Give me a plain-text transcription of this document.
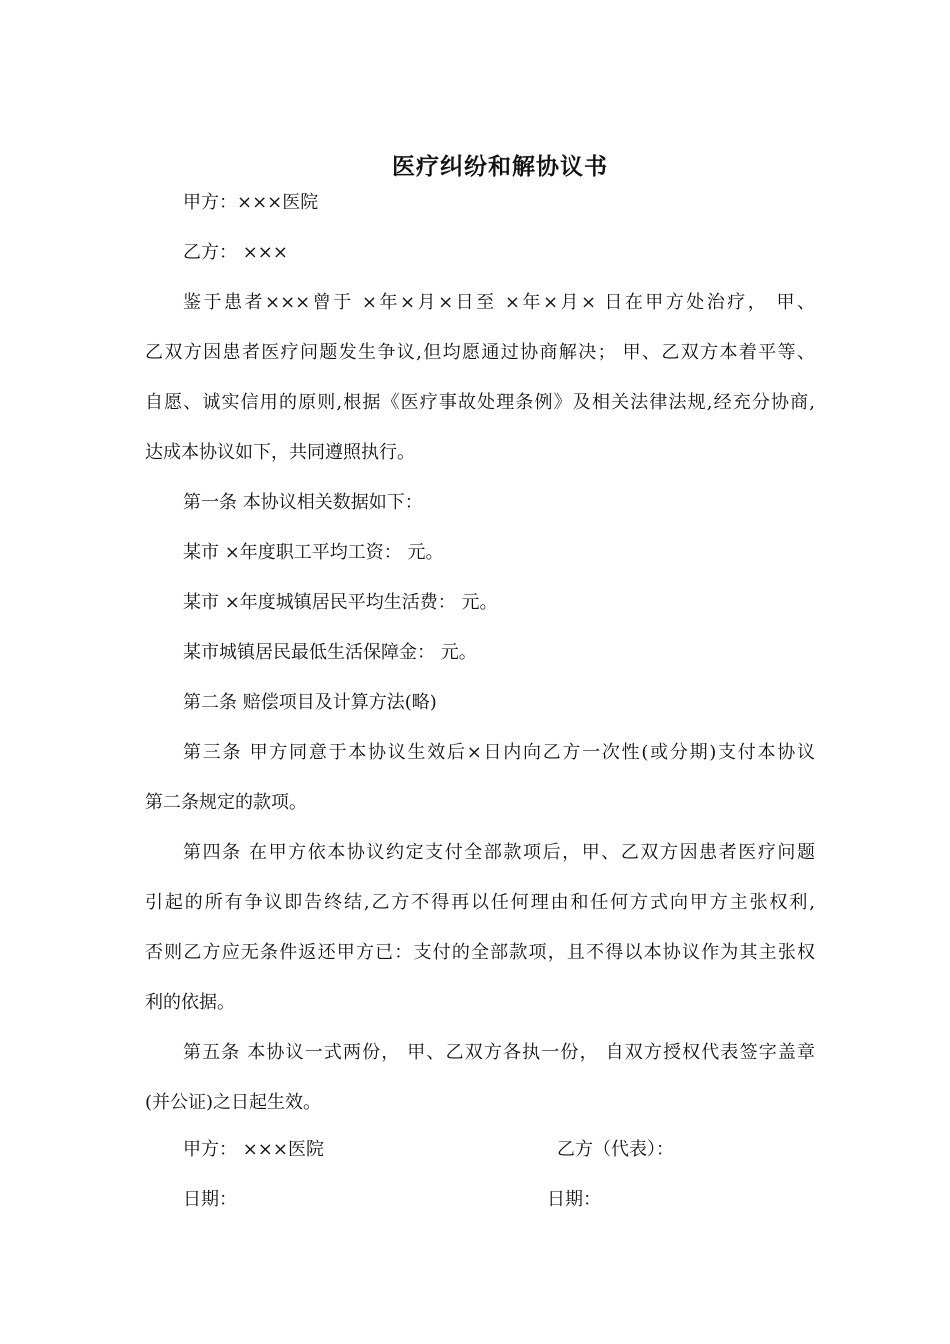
医疗纠纷和解协议书
甲方：×××医院
乙方： ×××
鉴于患者×××曾于 ×年×月×日至 ×年×月× 日在甲方处治疗， 甲、
乙双方因患者医疗问题发生争议,但均愿通过协商解决； 甲、乙双方本着平等、
自愿、诚实信用的原则,根据《医疗事故处理条例》及相关法律法规,经充分协商,
达成本协议如下，共同遵照执行。
第一条 本协议相关数据如下：
某市 ×年度职工平均工资： 元。
某市 ×年度城镇居民平均生活费： 元。
某市城镇居民最低生活保障金： 元。
第二条 赔偿项目及计算方法(略)
第三条 甲方同意于本协议生效后×日内向乙方一次性(或分期)支付本协议
第二条规定的款项。
第四条 在甲方依本协议约定支付全部款项后，甲、乙双方因患者医疗问题
引起的所有争议即告终结,乙方不得再以任何理由和任何方式向甲方主张权利,
否则乙方应无条件返还甲方已：支付的全部款项，且不得以本协议作为其主张权
利的依据。
第五条 本协议一式两份， 甲、乙双方各执一份， 自双方授权代表签字盖章
(并公证)之日起生效。
甲方： ×××医院	乙方（代表）：
日期：	日期：
